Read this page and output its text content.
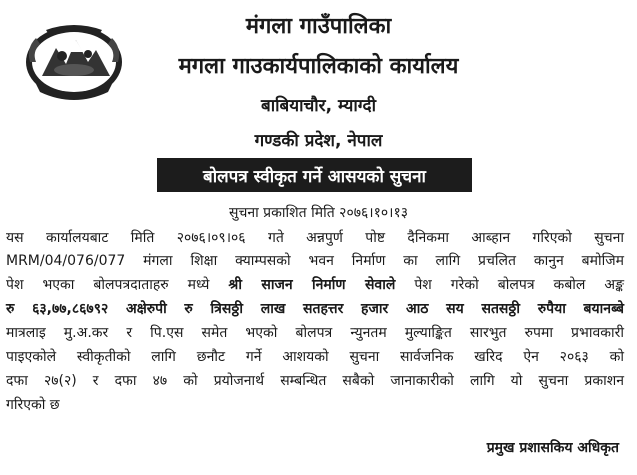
मंगला गाउँपालिका
मगला गाउकार्यपालिकाको कार्यालय
बाबियाचौर, म्याग्दी
गण्डकी प्रदेश, नेपाल
बोलपत्र स्वीकृत गर्ने आसयको सुचना
सुचना प्रकाशित मिति २०७६।१०।१३
यस कार्यालयबाट मिति २०७६।०९।०६ गते अन्नपुर्ण पोष्ट दैनिकमा आब्हान गरिएको सुचना
MRM/04/076/077 मंगला शिक्षा क्याम्पसको भवन निर्माण का लागि प्रचलित कानुन बमोजिम
पेश भएका बोलपत्रदाताहरु मध्ये श्री साजन निर्माण सेवाले पेश गरेको बोलपत्र कबोल अङ्क
रु ६३,७७,८६७९२ अक्षेरुपी रु त्रिसठ्ठी लाख सतहत्तर हजार आठ सय सतसठ्ठी रुपैया बयानब्बे
मात्रलाइ मु.अ.कर र पि.एस समेत भएको बोलपत्र न्युनतम मुल्याङ्कित सारभुत रुपमा प्रभावकारी
पाइएकोले स्वीकृतीको लागि छनौट गर्ने आशयको सुचना सार्वजनिक खरिद ऐन २०६३ को
दफा २७(२) र दफा ४७ को प्रयोजनार्थ सम्बन्धित सबैको जानाकारीको लागि यो सुचना प्रकाशन
गरिएको छ
प्रमुख प्रशासकिय अधिकृत
